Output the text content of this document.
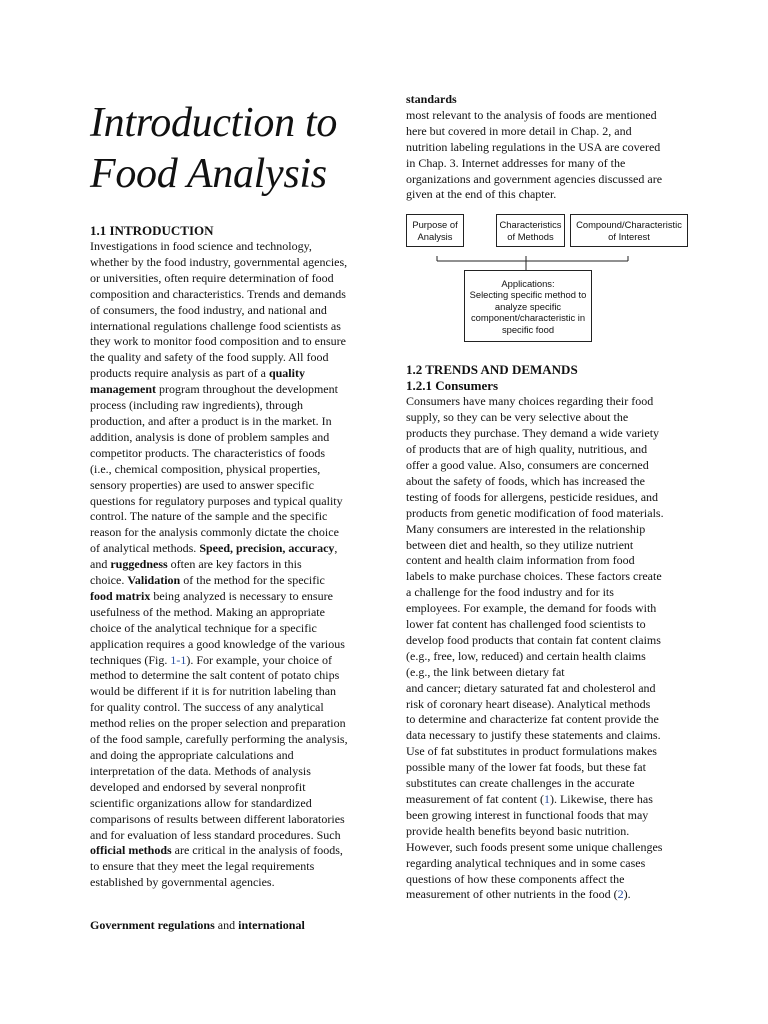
Introduction to
Food Analysis
1.1 INTRODUCTION

Investigations in food science and technology,
whether by the food industry, governmental agencies,
or universities, often require determination of food
composition and characteristics. Trends and demands
of consumers, the food industry, and national and
international regulations challenge food scientists as
they work to monitor food composition and to ensure
the quality and safety of the food supply. All food
products require analysis as part of a quality
management program throughout the development
process (including raw ingredients), through
production, and after a product is in the market. In
addition, analysis is done of problem samples and
competitor products. The characteristics of foods
(i.e., chemical composition, physical properties,
sensory properties) are used to answer specific
questions for regulatory purposes and typical quality
control. The nature of the sample and the specific
reason for the analysis commonly dictate the choice
of analytical methods. Speed, precision, accuracy,
and ruggedness often are key factors in this
choice. Validation of the method for the specific
food matrix being analyzed is necessary to ensure
usefulness of the method. Making an appropriate
choice of the analytical technique for a specific
application requires a good knowledge of the various
techniques (Fig. 1-1). For example, your choice of
method to determine the salt content of potato chips
would be different if it is for nutrition labeling than
for quality control. The success of any analytical
method relies on the proper selection and preparation
of the food sample, carefully performing the analysis,
and doing the appropriate calculations and
interpretation of the data. Methods of analysis
developed and endorsed by several nonprofit
scientific organizations allow for standardized
comparisons of results between different laboratories
and for evaluation of less standard procedures. Such
official methods are critical in the analysis of foods,
to ensure that they meet the legal requirements
established by governmental agencies.

Government regulations and international

standards

most relevant to the analysis of foods are mentioned
here but covered in more detail in Chap. 2, and
nutrition labeling regulations in the USA are covered
in Chap. 3. Internet addresses for many of the
organizations and government agencies discussed are
given at the end of this chapter.

Purpose of
Analysis
Characteristics
of Methods
Compound/Characteristic
of Interest
Applications:
Selecting specific method to
analyze specific
component/characteristic in
specific food
1.2 TRENDS AND DEMANDS
1.2.1 Consumers

Consumers have many choices regarding their food
supply, so they can be very selective about the
products they purchase. They demand a wide variety
of products that are of high quality, nutritious, and
offer a good value. Also, consumers are concerned
about the safety of foods, which has increased the
testing of foods for allergens, pesticide residues, and
products from genetic modification of food materials.
Many consumers are interested in the relationship
between diet and health, so they utilize nutrient
content and health claim information from food
labels to make purchase choices. These factors create
a challenge for the food industry and for its
employees. For example, the demand for foods with
lower fat content has challenged food scientists to
develop food products that contain fat content claims
(e.g., free, low, reduced) and certain health claims
(e.g., the link between dietary fat
and cancer; dietary saturated fat and cholesterol and
risk of coronary heart disease). Analytical methods
to determine and characterize fat content provide the
data necessary to justify these statements and claims.
Use of fat substitutes in product formulations makes
possible many of the lower fat foods, but these fat
substitutes can create challenges in the accurate
measurement of fat content (1). Likewise, there has
been growing interest in functional foods that may
provide health benefits beyond basic nutrition.
However, such foods present some unique challenges
regarding analytical techniques and in some cases
questions of how these components affect the
measurement of other nutrients in the food (2).
